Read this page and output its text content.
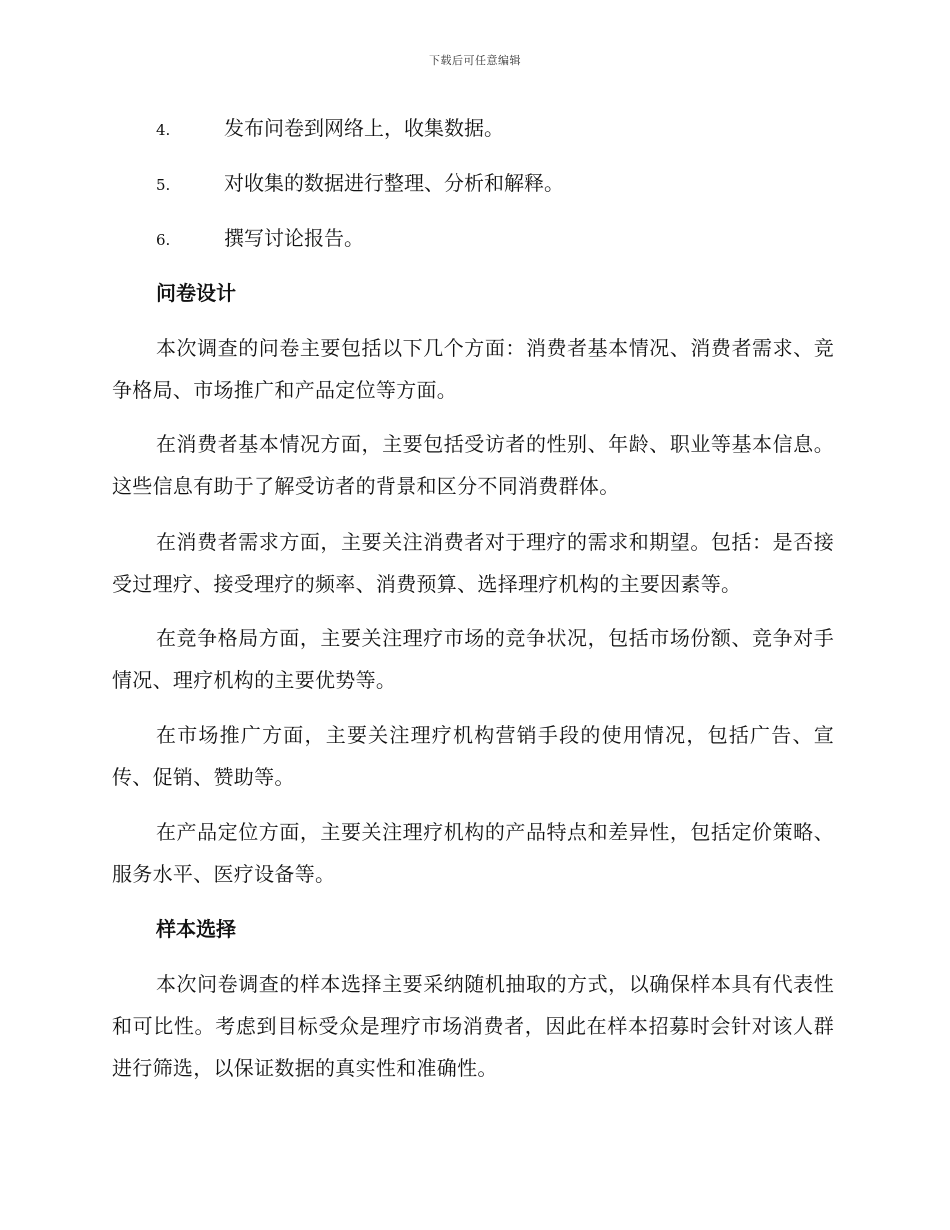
下载后可任意编辑
4.	发布问卷到网络上，收集数据。
5.	对收集的数据进行整理、分析和解释。
6.	撰写讨论报告。
问卷设计
本次调查的问卷主要包括以下几个方面：消费者基本情况、消费者需求、竞争格局、市场推广和产品定位等方面。
在消费者基本情况方面，主要包括受访者的性别、年龄、职业等基本信息。这些信息有助于了解受访者的背景和区分不同消费群体。
在消费者需求方面，主要关注消费者对于理疗的需求和期望。包括：是否接受过理疗、接受理疗的频率、消费预算、选择理疗机构的主要因素等。
在竞争格局方面，主要关注理疗市场的竞争状况，包括市场份额、竞争对手情况、理疗机构的主要优势等。
在市场推广方面，主要关注理疗机构营销手段的使用情况，包括广告、宣传、促销、赞助等。
在产品定位方面，主要关注理疗机构的产品特点和差异性，包括定价策略、服务水平、医疗设备等。
样本选择
本次问卷调查的样本选择主要采纳随机抽取的方式，以确保样本具有代表性和可比性。考虑到目标受众是理疗市场消费者，因此在样本招募时会针对该人群进行筛选，以保证数据的真实性和准确性。
